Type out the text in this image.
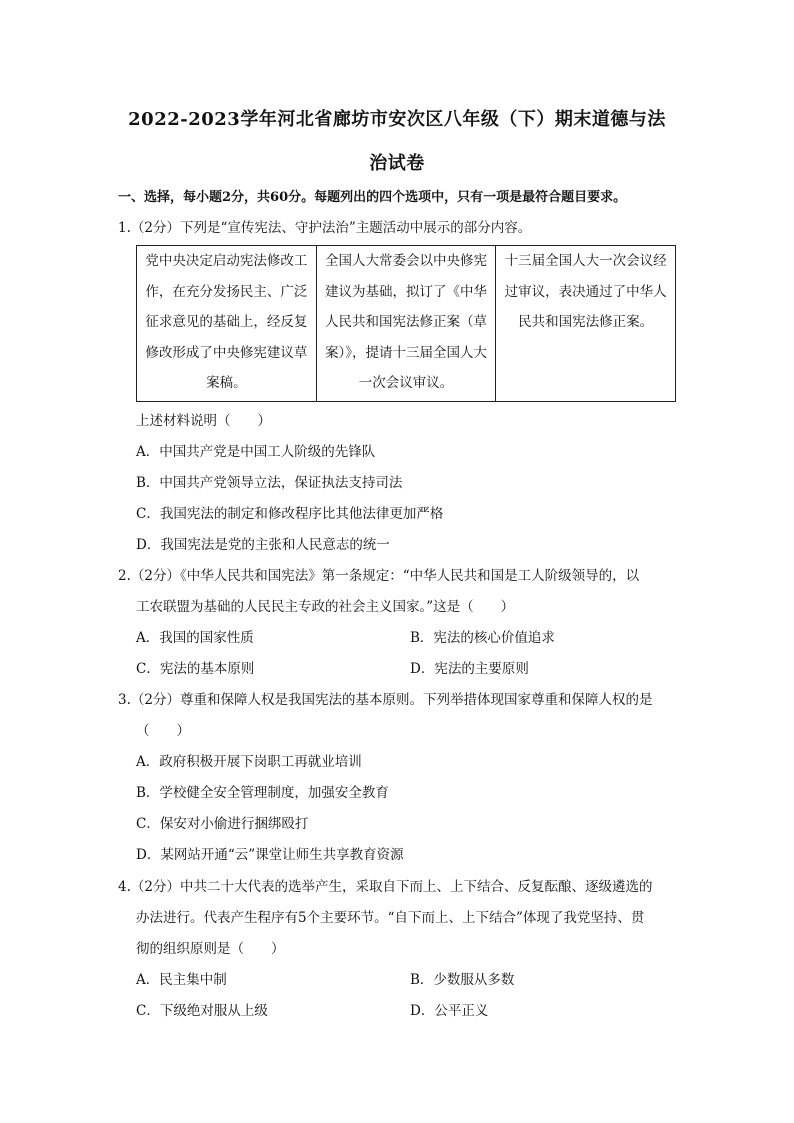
2022-2023学年河北省廊坊市安次区八年级（下）期末道德与法
治试卷
一、选择，每小题2分，共60分。每题列出的四个选项中，只有一项是最符合题目要求。
1.（2分）下列是“宣传宪法、守护法治”主题活动中展示的部分内容。
党中央决定启动宪法修改工作，在充分发扬民主、广泛征求意见的基础上，经反复修改形成了中央修宪建议草案稿。	全国人大常委会以中央修宪建议为基础，拟订了《中华人民共和国宪法修正案（草案）》，提请十三届全国人大一次会议审议。	十三届全国人大一次会议经过审议，表决通过了中华人民共和国宪法修正案。
上述材料说明（　　）
A．中国共产党是中国工人阶级的先锋队
B．中国共产党领导立法，保证执法支持司法
C．我国宪法的制定和修改程序比其他法律更加严格
D．我国宪法是党的主张和人民意志的统一
2.（2分）《中华人民共和国宪法》第一条规定：“中华人民共和国是工人阶级领导的，以
工农联盟为基础的人民民主专政的社会主义国家。”这是（　　）
A．我国的国家性质	B．宪法的核心价值追求
C．宪法的基本原则	D．宪法的主要原则
3.（2分）尊重和保障人权是我国宪法的基本原则。下列举措体现国家尊重和保障人权的是
（　　）
A．政府积极开展下岗职工再就业培训
B．学校健全安全管理制度，加强安全教育
C．保安对小偷进行捆绑殴打
D．某网站开通“云”课堂让师生共享教育资源
4.（2分）中共二十大代表的选举产生，采取自下而上、上下结合、反复酝酿、逐级遴选的
办法进行。代表产生程序有5个主要环节。“自下而上、上下结合”体现了我党坚持、贯
彻的组织原则是（　　）
A．民主集中制	B．少数服从多数
C．下级绝对服从上级	D．公平正义
